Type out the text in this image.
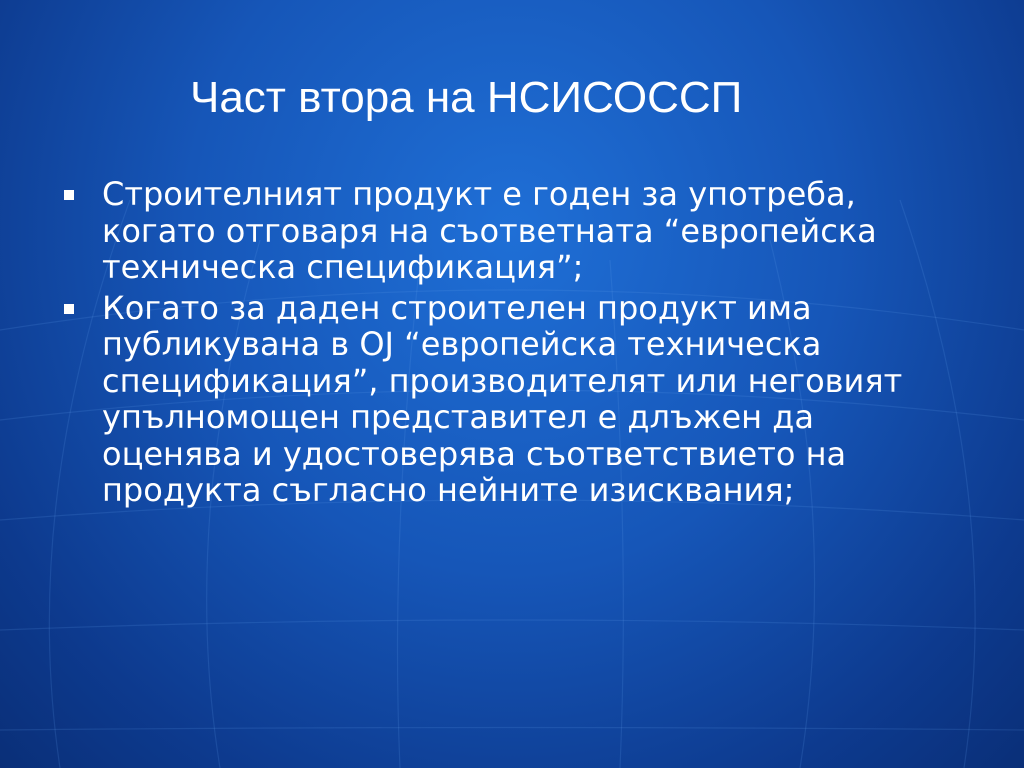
Част втора на НСИСОССП
Строителният продукт е годен за употреба, когато отговаря на съответната “европейска техническа спецификация”;
Когато за даден строителен продукт има публикувана в OJ “европейска техническа спецификация”, производителят или неговият упълномощен представител е длъжен да оценява и удостоверява съответствието на продукта съгласно нейните изисквания;
